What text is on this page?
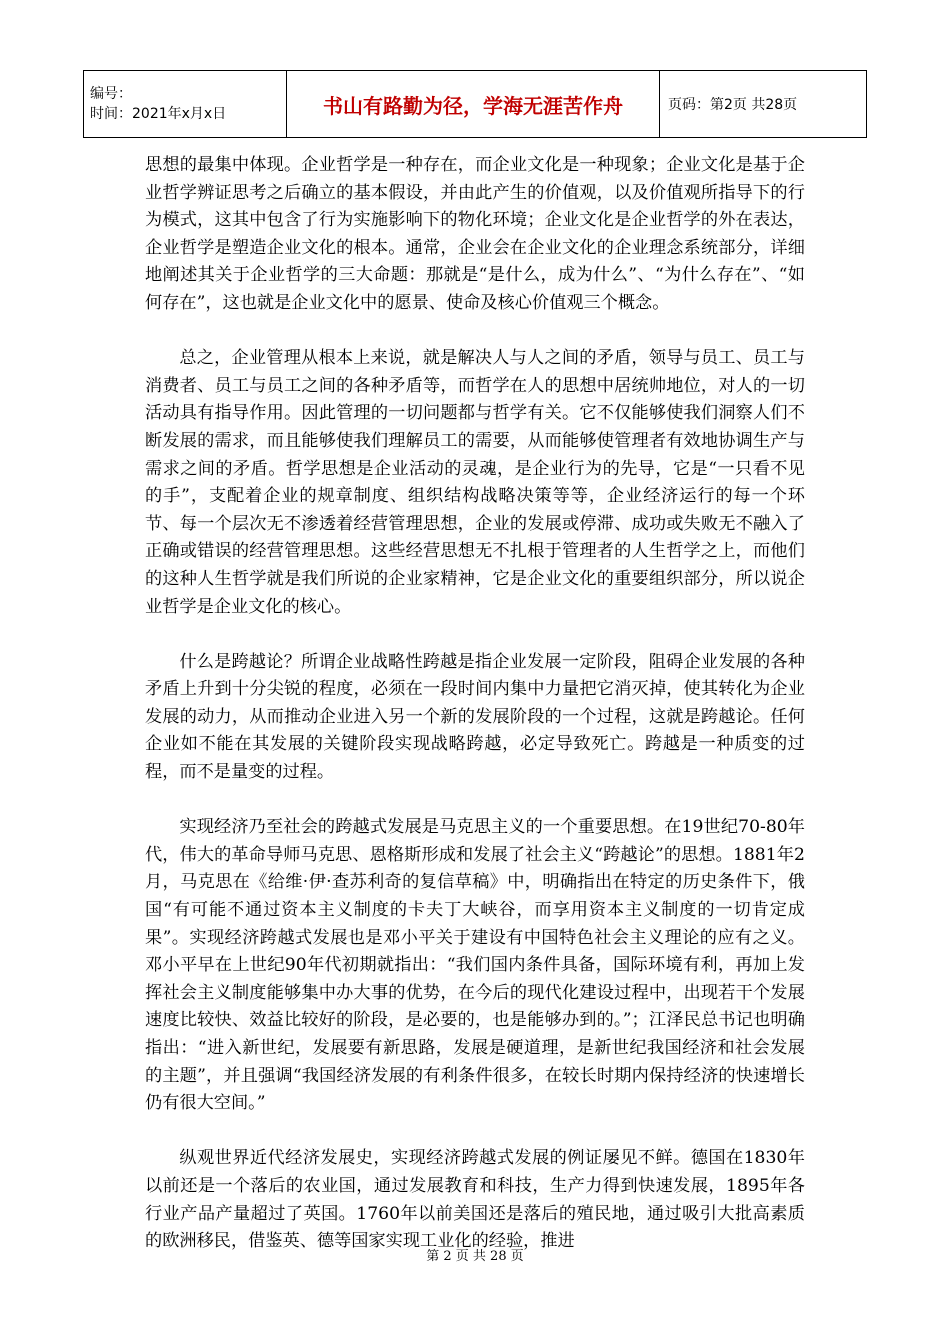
编号：
时间：2021年x月x日	书山有路勤为径，学海无涯苦作舟	页码：第2页 共28页

思想的最集中体现。企业哲学是一种存在，而企业文化是一种现象；企业文化是基于企业哲学辨证思考之后确立的基本假设，并由此产生的价值观，以及价值观所指导下的行为模式，这其中包含了行为实施影响下的物化环境；企业文化是企业哲学的外在表达，企业哲学是塑造企业文化的根本。通常，企业会在企业文化的企业理念系统部分，详细地阐述其关于企业哲学的三大命题：那就是“是什么，成为什么”、“为什么存在”、“如何存在”，这也就是企业文化中的愿景、使命及核心价值观三个概念。

总之，企业管理从根本上来说，就是解决人与人之间的矛盾，领导与员工、员工与消费者、员工与员工之间的各种矛盾等，而哲学在人的思想中居统帅地位，对人的一切活动具有指导作用。因此管理的一切问题都与哲学有关。它不仅能够使我们洞察人们不断发展的需求，而且能够使我们理解员工的需要，从而能够使管理者有效地协调生产与需求之间的矛盾。哲学思想是企业活动的灵魂，是企业行为的先导，它是“一只看不见的手”，支配着企业的规章制度、组织结构战略决策等等，企业经济运行的每一个环节、每一个层次无不渗透着经营管理思想，企业的发展或停滞、成功或失败无不融入了正确或错误的经营管理思想。这些经营思想无不扎根于管理者的人生哲学之上，而他们的这种人生哲学就是我们所说的企业家精神，它是企业文化的重要组织部分，所以说企业哲学是企业文化的核心。

什么是跨越论？所谓企业战略性跨越是指企业发展一定阶段，阻碍企业发展的各种矛盾上升到十分尖锐的程度，必须在一段时间内集中力量把它消灭掉，使其转化为企业发展的动力，从而推动企业进入另一个新的发展阶段的一个过程，这就是跨越论。任何企业如不能在其发展的关键阶段实现战略跨越，必定导致死亡。跨越是一种质变的过程，而不是量变的过程。

实现经济乃至社会的跨越式发展是马克思主义的一个重要思想。在19世纪70-80年代，伟大的革命导师马克思、恩格斯形成和发展了社会主义“跨越论”的思想。1881年2月，马克思在《给维·伊·查苏利奇的复信草稿》中，明确指出在特定的历史条件下，俄国“有可能不通过资本主义制度的卡夫丁大峡谷，而享用资本主义制度的一切肯定成果”。实现经济跨越式发展也是邓小平关于建设有中国特色社会主义理论的应有之义。邓小平早在上世纪90年代初期就指出：“我们国内条件具备，国际环境有利，再加上发挥社会主义制度能够集中办大事的优势，在今后的现代化建设过程中，出现若干个发展速度比较快、效益比较好的阶段，是必要的，也是能够办到的。”；江泽民总书记也明确指出：“进入新世纪，发展要有新思路，发展是硬道理，是新世纪我国经济和社会发展的主题”，并且强调“我国经济发展的有利条件很多，在较长时期内保持经济的快速增长仍有很大空间。”

纵观世界近代经济发展史，实现经济跨越式发展的例证屡见不鲜。德国在1830年以前还是一个落后的农业国，通过发展教育和科技，生产力得到快速发展，1895年各行业产品产量超过了英国。1760年以前美国还是落后的殖民地，通过吸引大批高素质的欧洲移民，借鉴英、德等国家实现工业化的经验，推进

第 2 页 共 28 页
